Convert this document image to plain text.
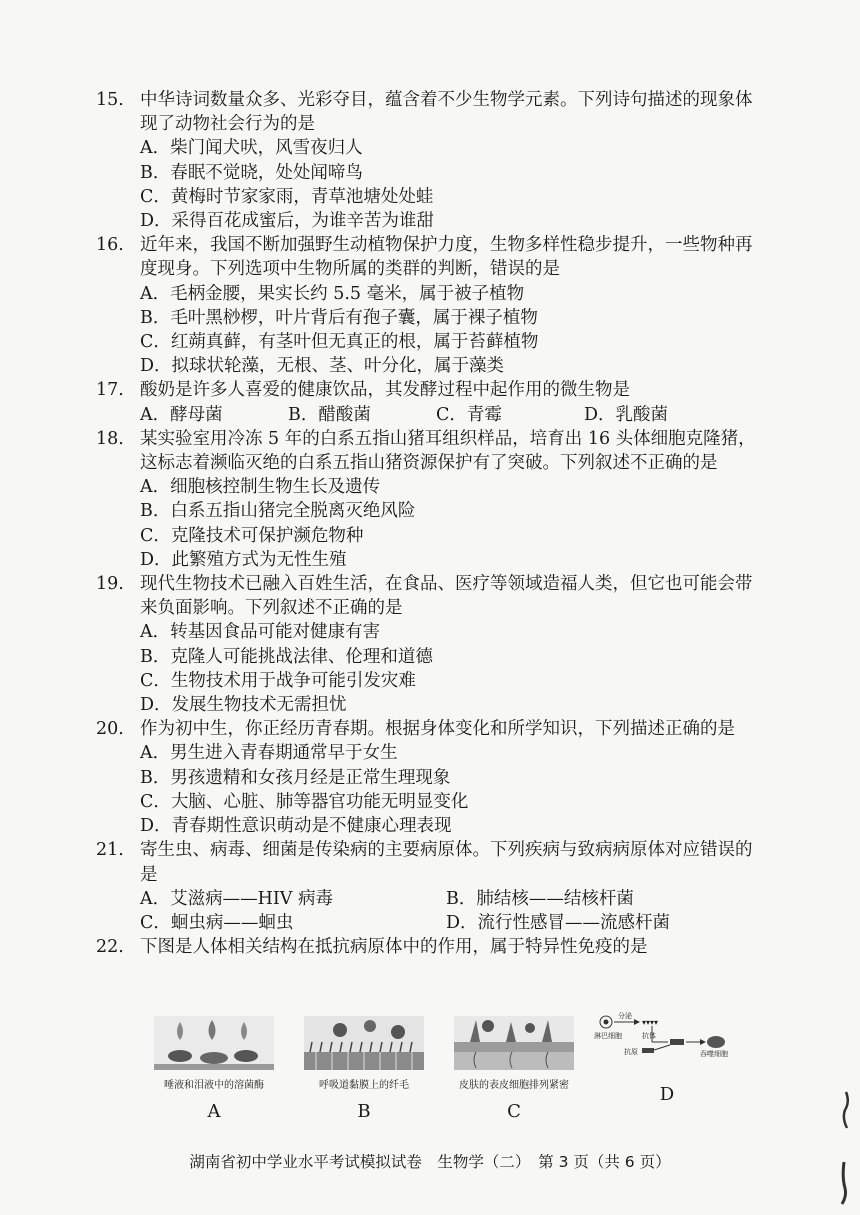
15. 中华诗词数量众多、光彩夺目，蕴含着不少生物学元素。下列诗句描述的现象体现了动物社会行为的是
A．柴门闻犬吠，风雪夜归人
B．春眠不觉晓，处处闻啼鸟
C．黄梅时节家家雨，青草池塘处处蛙
D．采得百花成蜜后，为谁辛苦为谁甜
16. 近年来，我国不断加强野生动植物保护力度，生物多样性稳步提升，一些物种再度现身。下列选项中生物所属的类群的判断，错误的是
A．毛柄金腰，果实长约 5.5 毫米，属于被子植物
B．毛叶黑桫椤，叶片背后有孢子囊，属于裸子植物
C．红蒴真藓，有茎叶但无真正的根，属于苔藓植物
D．拟球状轮藻，无根、茎、叶分化，属于藻类
17. 酸奶是许多人喜爱的健康饮品，其发酵过程中起作用的微生物是
A．酵母菌	B．醋酸菌	C．青霉	D．乳酸菌
18. 某实验室用冷冻 5 年的白系五指山猪耳组织样品，培育出 16 头体细胞克隆猪，这标志着濒临灭绝的白系五指山猪资源保护有了突破。下列叙述不正确的是
A．细胞核控制生物生长及遗传
B．白系五指山猪完全脱离灭绝风险
C．克隆技术可保护濒危物种
D．此繁殖方式为无性生殖
19. 现代生物技术已融入百姓生活，在食品、医疗等领域造福人类，但它也可能会带来负面影响。下列叙述不正确的是
A．转基因食品可能对健康有害
B．克隆人可能挑战法律、伦理和道德
C．生物技术用于战争可能引发灾难
D．发展生物技术无需担忧
20. 作为初中生，你正经历青春期。根据身体变化和所学知识，下列描述正确的是
A．男生进入青春期通常早于女生
B．男孩遗精和女孩月经是正常生理现象
C．大脑、心脏、肺等器官功能无明显变化
D．青春期性意识萌动是不健康心理表现
21. 寄生虫、病毒、细菌是传染病的主要病原体。下列疾病与致病病原体对应错误的是
A．艾滋病——HIV 病毒	B．肺结核——结核杆菌
C．蛔虫病——蛔虫	D．流行性感冒——流感杆菌
22. 下图是人体相关结构在抵抗病原体中的作用，属于特异性免疫的是
唾液和泪液中的溶菌酶
A
呼吸道黏膜上的纤毛
B
皮肤的表皮细胞排列紧密
C
分泌
▾▾▾▾
淋巴细胞	抗体
抗原	吞噬细胞
D
湖南省初中学业水平考试模拟试卷　生物学（二）　第 3 页（共 6 页）
